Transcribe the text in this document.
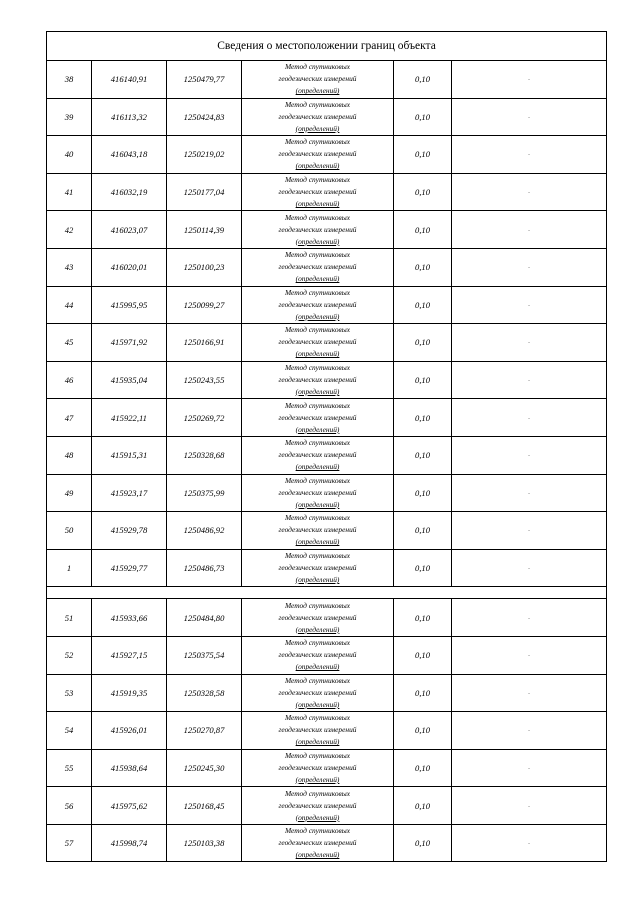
Сведения о местоположении границ объекта					
38	416140,91	1250479,77	Метод спутниковых
геодезических измерений
(определений)	0,10	-
39	416113,32	1250424,83	Метод спутниковых
геодезических измерений
(определений)	0,10	-
40	416043,18	1250219,02	Метод спутниковых
геодезических измерений
(определений)	0,10	-
41	416032,19	1250177,04	Метод спутниковых
геодезических измерений
(определений)	0,10	-
42	416023,07	1250114,39	Метод спутниковых
геодезических измерений
(определений)	0,10	-
43	416020,01	1250100,23	Метод спутниковых
геодезических измерений
(определений)	0,10	-
44	415995,95	1250099,27	Метод спутниковых
геодезических измерений
(определений)	0,10	-
45	415971,92	1250166,91	Метод спутниковых
геодезических измерений
(определений)	0,10	-
46	415935,04	1250243,55	Метод спутниковых
геодезических измерений
(определений)	0,10	-
47	415922,11	1250269,72	Метод спутниковых
геодезических измерений
(определений)	0,10	-
48	415915,31	1250328,68	Метод спутниковых
геодезических измерений
(определений)	0,10	-
49	415923,17	1250375,99	Метод спутниковых
геодезических измерений
(определений)	0,10	-
50	415929,78	1250486,92	Метод спутниковых
геодезических измерений
(определений)	0,10	-
1	415929,77	1250486,73	Метод спутниковых
геодезических измерений
(определений)	0,10	-

51	415933,66	1250484,80	Метод спутниковых
геодезических измерений
(определений)	0,10	-
52	415927,15	1250375,54	Метод спутниковых
геодезических измерений
(определений)	0,10	-
53	415919,35	1250328,58	Метод спутниковых
геодезических измерений
(определений)	0,10	-
54	415926,01	1250270,87	Метод спутниковых
геодезических измерений
(определений)	0,10	-
55	415938,64	1250245,30	Метод спутниковых
геодезических измерений
(определений)	0,10	-
56	415975,62	1250168,45	Метод спутниковых
геодезических измерений
(определений)	0,10	-
57	415998,74	1250103,38	Метод спутниковых
геодезических измерений
(определений)	0,10	-
